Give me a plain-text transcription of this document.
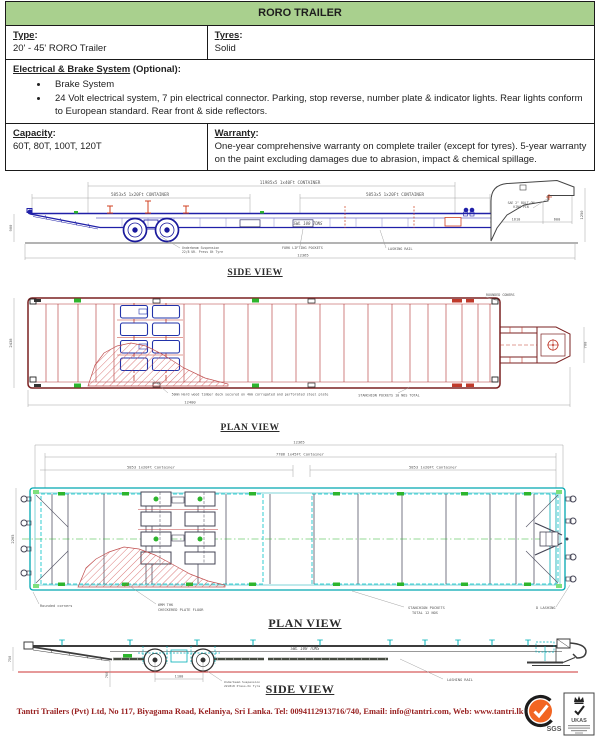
RORO TRAILER
Type:
20' - 45' RORO Trailer
Tyres:
Solid
Electrical & Brake System (Optional):
• Brake System
• 24 Volt electrical system, 7 pin electrical connector. Parking, stop reverse, number plate & indicator lights. Rear lights conform to European standard. Rear front & side reflectors.
Capacity:
60T, 80T, 100T, 120T
Warranty:
One-year comprehensive warranty on complete trailer (except for tyres). 5-year warranty on the paint excluding damages due to abrasion, impact & chemical spillage.
11985x5 1x40Ft CONTAINER
5853x5 1x20Ft CONTAINER	5853x5 1x20Ft CONTAINER
900
1250
1610	600
12365
SWL 100 TONS
Underbeam Suspension
22/8 UR. Press 8t Tyre
FORK LIFTING POCKETS	LASHING RAIL
SAE 2" BOLT-ON
KING PIN
SIDE VIEW
2438	700
12400
ROUNDED CONERS
STANCHION POCKETS 10 NOS TOTAL
50mm Hard wood timber deck secured on 4mm corrugated and perforated steel plate
PLAN VIEW
12365
7786 1x45Ft Container
5853 1x20Ft Container	5853 1x20Ft Container
2265
Rounded corners	6MM THK
CHECKERED PLATE FLOOR	STANCHION POCKETS
TOTAL 12 NOS
D LASHING
PLAN VIEW
SWL 100 TONS
1100
750
760
Underbeam Suspension
22x8x8 Press-On Tyre
LASHING RAIL
SIDE VIEW
Tantri Trailers (Pvt) Ltd, No 117, Biyagama Road, Kelaniya, Sri Lanka. Tel: 0094112913716/740, Email: info@tantri.com, Web: www.tantri.lk
SGS
UKAS
